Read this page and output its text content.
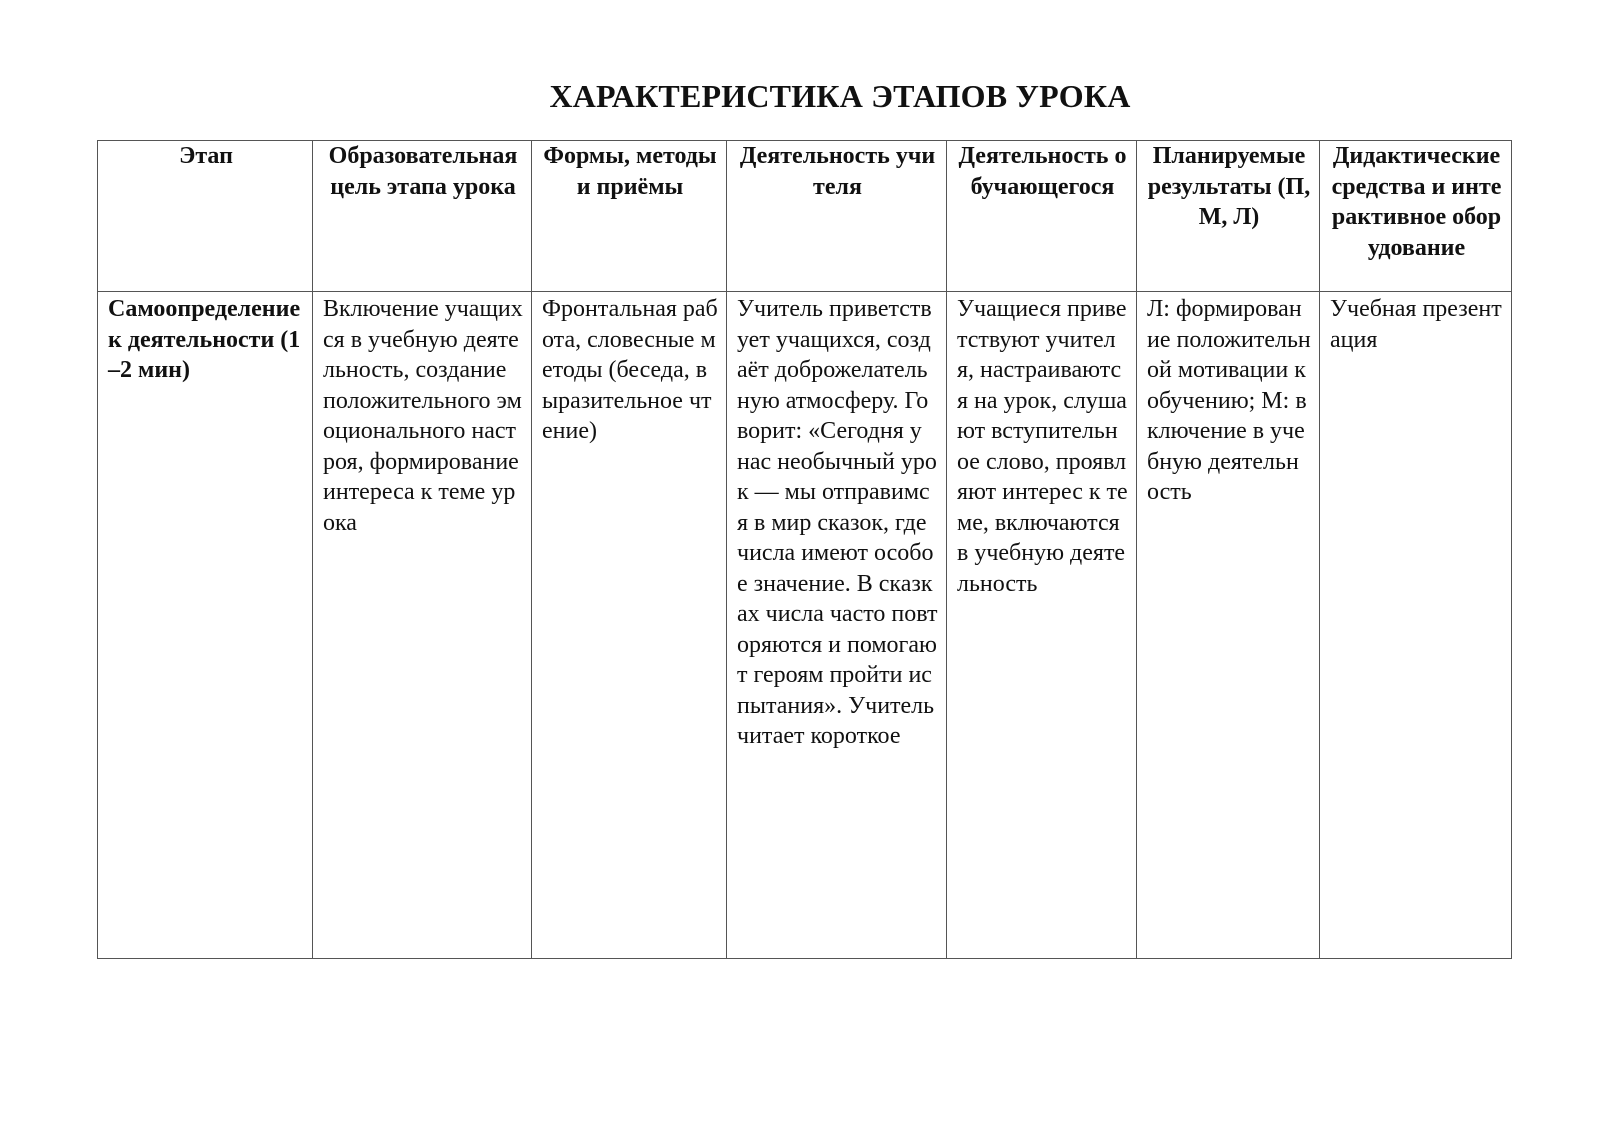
ХАРАКТЕРИСТИКА ЭТАПОВ УРОКА
Этап	Образовательная цель этапа урока	Формы, методы и приёмы	Деятельность учителя	Деятельность обучающегося	Планируемые результаты (П, М, Л)	Дидактические средства и интерактивное оборудование
Самоопределение к деятельности (1–2 мин)	Включение учащихся в учебную деятельность, создание положительного эмоционального настроя, формирование интереса к теме урока	Фронтальная работа, словесные методы (беседа, выразительное чтение)	Учитель приветствует учащихся, создаёт доброжелательную атмосферу. Говорит: «Сегодня у нас необычный урок — мы отправимся в мир сказок, где числа имеют особое значение. В сказках числа часто повторяются и помогают героям пройти испытания». Учитель читает короткое	Учащиеся приветствуют учителя, настраиваются на урок, слушают вступительное слово, проявляют интерес к теме, включаются в учебную деятельность	Л: формирование положительной мотивации к обучению; М: включение в учебную деятельность	Учебная презентация
